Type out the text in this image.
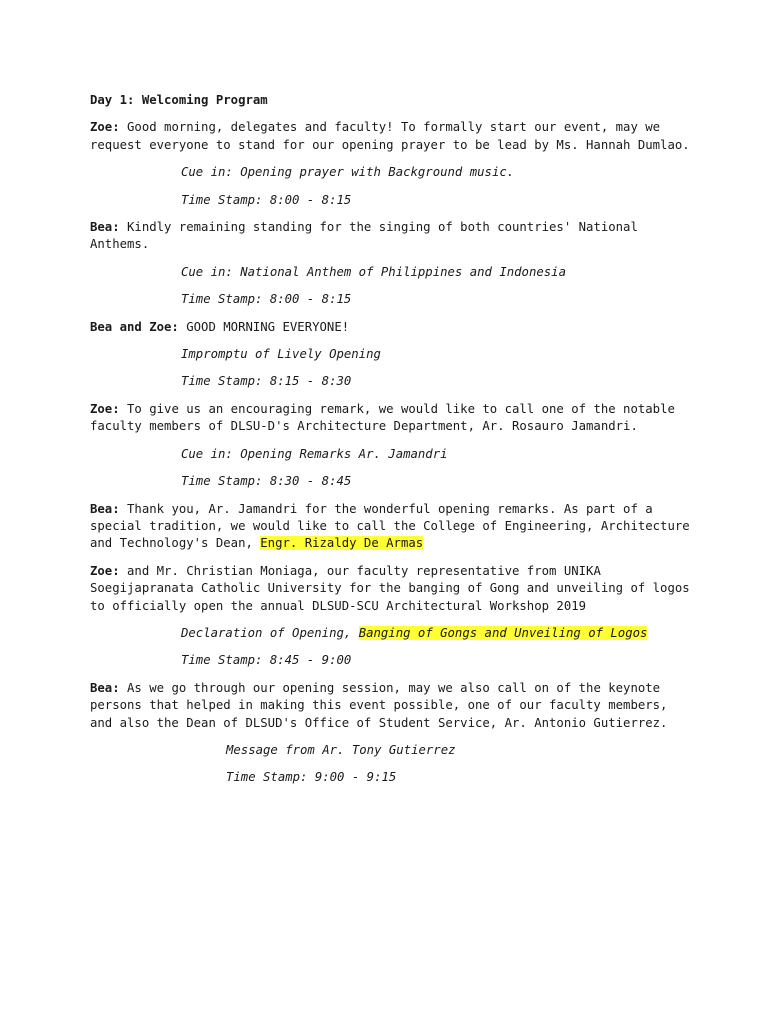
Day 1: Welcoming Program
Zoe: Good morning, delegates and faculty! To formally start our event, may we request everyone to stand for our opening prayer to be lead by Ms. Hannah Dumlao.
Cue in: Opening prayer with Background music.
Time Stamp: 8:00 - 8:15
Bea: Kindly remaining standing for the singing of both countries' National Anthems.
Cue in: National Anthem of Philippines and Indonesia
Time Stamp: 8:00 - 8:15
Bea and Zoe: GOOD MORNING EVERYONE!
Impromptu of Lively Opening
Time Stamp: 8:15 - 8:30
Zoe: To give us an encouraging remark, we would like to call one of the notable faculty members of DLSU-D's Architecture Department, Ar. Rosauro Jamandri.
Cue in: Opening Remarks Ar. Jamandri
Time Stamp: 8:30 - 8:45
Bea: Thank you, Ar. Jamandri for the wonderful opening remarks. As part of a special tradition, we would like to call the College of Engineering, Architecture and Technology's Dean, Engr. Rizaldy De Armas
Zoe: and Mr. Christian Moniaga, our faculty representative from UNIKA Soegijapranata Catholic University for the banging of Gong and unveiling of logos to officially open the annual DLSUD-SCU Architectural Workshop 2019
Declaration of Opening, Banging of Gongs and Unveiling of Logos
Time Stamp: 8:45 - 9:00
Bea: As we go through our opening session, may we also call on of the keynote persons that helped in making this event possible, one of our faculty members, and also the Dean of DLSUD's Office of Student Service, Ar. Antonio Gutierrez.
Message from Ar. Tony Gutierrez
Time Stamp: 9:00 - 9:15
